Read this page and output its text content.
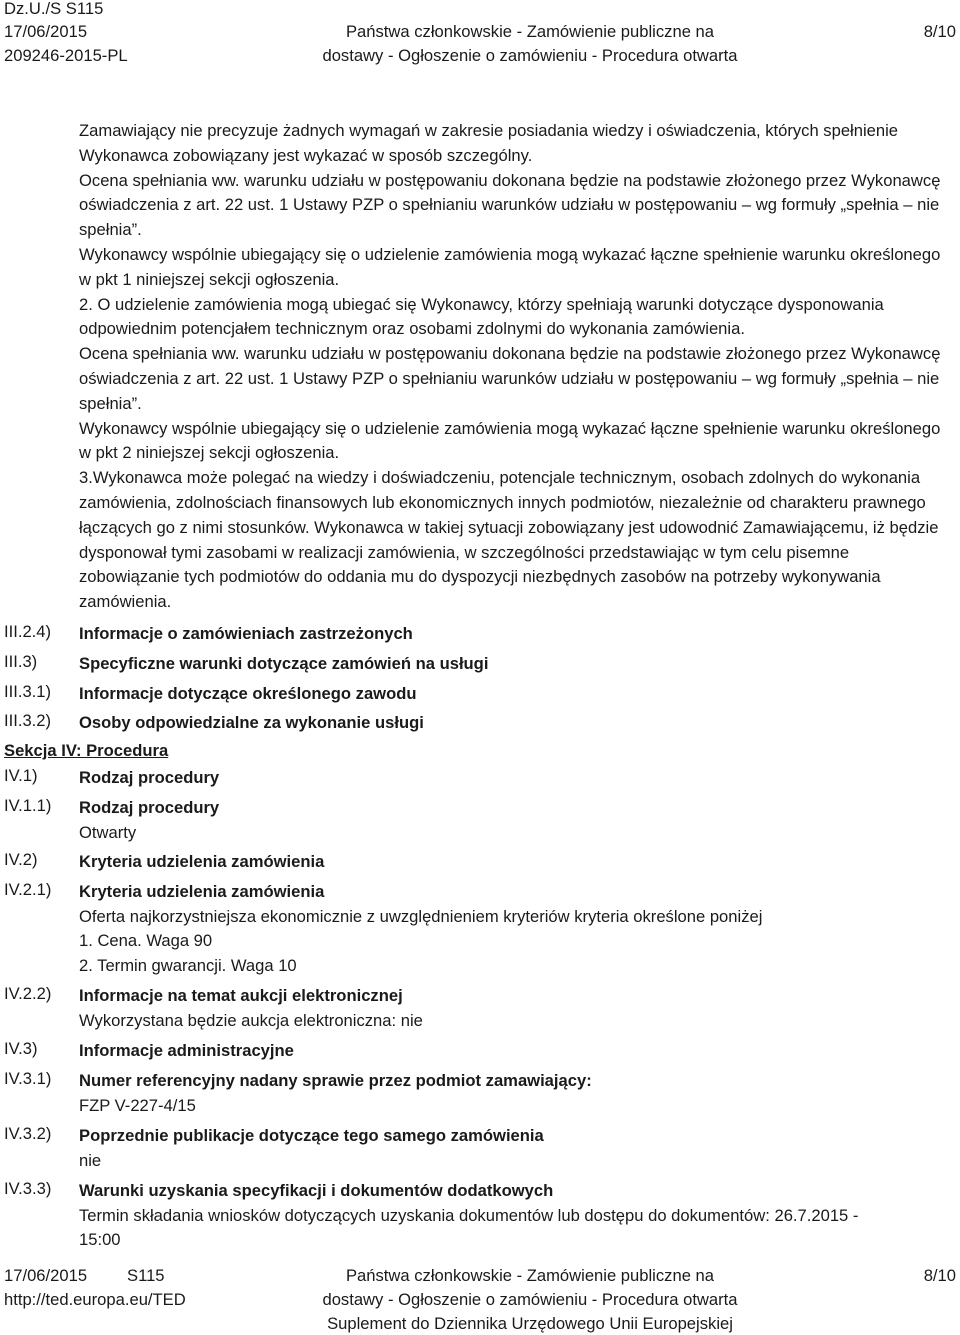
Dz.U./S S115
17/06/2015
209246-2015-PL
Państwa członkowskie - Zamówienie publiczne na
dostawy - Ogłoszenie o zamówieniu - Procedura otwarta
8/10

Zamawiający nie precyzuje żadnych wymagań w zakresie posiadania wiedzy i oświadczenia, których spełnienie Wykonawca zobowiązany jest wykazać w sposób szczególny.

Ocena spełniania ww. warunku udziału w postępowaniu dokonana będzie na podstawie złożonego przez Wykonawcę oświadczenia z art. 22 ust. 1 Ustawy PZP o spełnianiu warunków udziału w postępowaniu – wg formuły „spełnia – nie spełnia”.

Wykonawcy wspólnie ubiegający się o udzielenie zamówienia mogą wykazać łączne spełnienie warunku określonego w pkt 1 niniejszej sekcji ogłoszenia.

2. O udzielenie zamówienia mogą ubiegać się Wykonawcy, którzy spełniają warunki dotyczące dysponowania odpowiednim potencjałem technicznym oraz osobami zdolnymi do wykonania zamówienia.

Ocena spełniania ww. warunku udziału w postępowaniu dokonana będzie na podstawie złożonego przez Wykonawcę oświadczenia z art. 22 ust. 1 Ustawy PZP o spełnianiu warunków udziału w postępowaniu – wg formuły „spełnia – nie spełnia”.

Wykonawcy wspólnie ubiegający się o udzielenie zamówienia mogą wykazać łączne spełnienie warunku określonego w pkt 2 niniejszej sekcji ogłoszenia.

3.Wykonawca może polegać na wiedzy i doświadczeniu, potencjale technicznym, osobach zdolnych do wykonania zamówienia, zdolnościach finansowych lub ekonomicznych innych podmiotów, niezależnie od charakteru prawnego łączących go z nimi stosunków. Wykonawca w takiej sytuacji zobowiązany jest udowodnić Zamawiającemu, iż będzie dysponował tymi zasobami w realizacji zamówienia, w szczególności przedstawiając w tym celu pisemne zobowiązanie tych podmiotów do oddania mu do dyspozycji niezbędnych zasobów na potrzeby wykonywania zamówienia.

III.2.4) Informacje o zamówieniach zastrzeżonych
III.3)	Specyficzne warunki dotyczące zamówień na usługi
III.3.1) Informacje dotyczące określonego zawodu
III.3.2) Osoby odpowiedzialne za wykonanie usługi
Sekcja IV: Procedura
IV.1) Rodzaj procedury
IV.1.1) Rodzaj procedury
Otwarty
IV.2) Kryteria udzielenia zamówienia
IV.2.1) Kryteria udzielenia zamówienia
Oferta najkorzystniejsza ekonomicznie z uwzględnieniem kryteriów kryteria określone poniżej
1. Cena. Waga 90
2. Termin gwarancji. Waga 10
IV.2.2) Informacje na temat aukcji elektronicznej
Wykorzystana będzie aukcja elektroniczna: nie
IV.3) Informacje administracyjne
IV.3.1) Numer referencyjny nadany sprawie przez podmiot zamawiający:
FZP V-227-4/15
IV.3.2) Poprzednie publikacje dotyczące tego samego zamówienia
nie
IV.3.3) Warunki uzyskania specyfikacji i dokumentów dodatkowych
Termin składania wniosków dotyczących uzyskania dokumentów lub dostępu do dokumentów: 26.7.2015 -
15:00
17/06/2015 S115
http://ted.europa.eu/TED
Państwa członkowskie - Zamówienie publiczne na
dostawy - Ogłoszenie o zamówieniu - Procedura otwarta
Suplement do Dziennika Urzędowego Unii Europejskiej
8/10
